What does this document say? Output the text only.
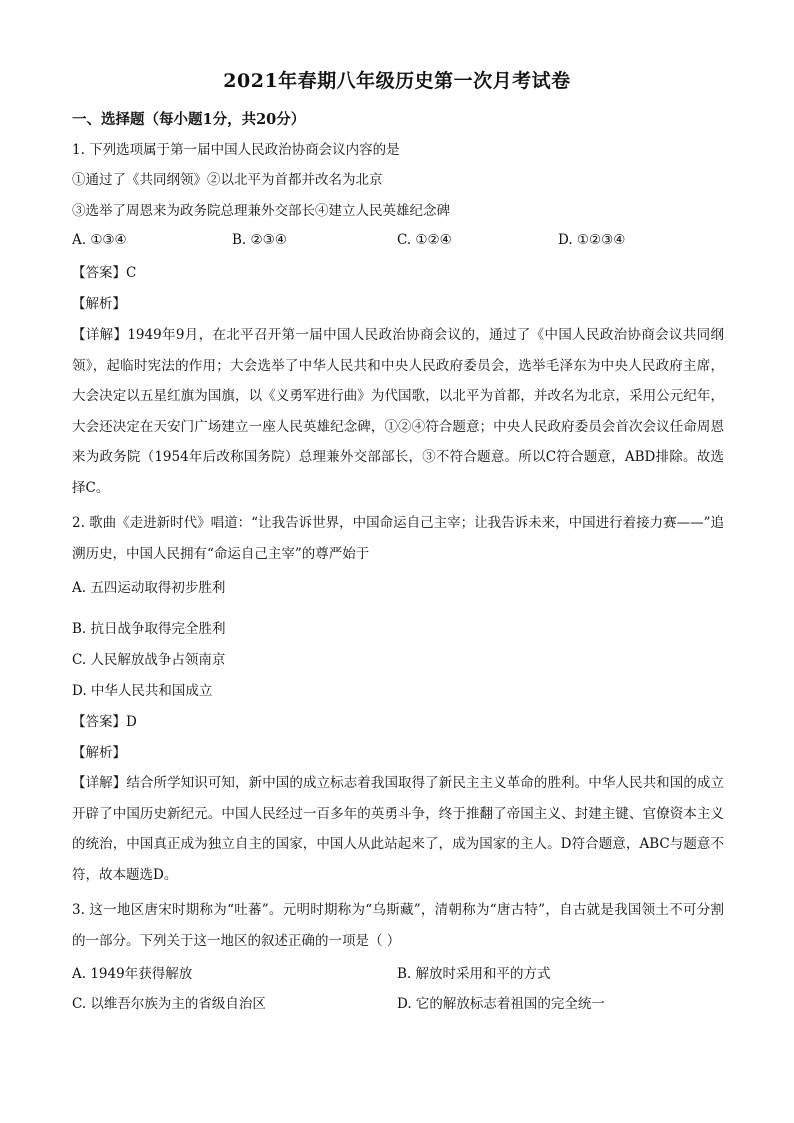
2021年春期八年级历史第一次月考试卷
一、选择题（每小题1分，共20分）
1. 下列选项属于第一届中国人民政治协商会议内容的是
①通过了《共同纲领》②以北平为首都并改名为北京
③选举了周恩来为政务院总理兼外交部长④建立人民英雄纪念碑
A. ①③④	B. ②③④	C. ①②④	D. ①②③④
【答案】C
【解析】
【详解】1949年9月，在北平召开第一届中国人民政治协商会议的，通过了《中国人民政治协商会议共同纲领》，起临时宪法的作用；大会选举了中华人民共和中央人民政府委员会，选举毛泽东为中央人民政府主席，大会决定以五星红旗为国旗，以《义勇军进行曲》为代国歌，以北平为首都，并改名为北京，采用公元纪年，大会还决定在天安门广场建立一座人民英雄纪念碑，①②④符合题意；中央人民政府委员会首次会议任命周恩来为政务院（1954年后改称国务院）总理兼外交部部长，③不符合题意。所以C符合题意，ABD排除。故选择C。
2. 歌曲《走进新时代》唱道：“让我告诉世界，中国命运自己主宰；让我告诉未来，中国进行着接力赛——”追溯历史，中国人民拥有“命运自己主宰”的尊严始于
A. 五四运动取得初步胜利
B. 抗日战争取得完全胜利
C. 人民解放战争占领南京
D. 中华人民共和国成立
【答案】D
【解析】
【详解】结合所学知识可知，新中国的成立标志着我国取得了新民主主义革命的胜利。中华人民共和国的成立开辟了中国历史新纪元。中国人民经过一百多年的英勇斗争，终于推翻了帝国主义、封建主键、官僚资本主义的统治，中国真正成为独立自主的国家，中国人从此站起来了，成为国家的主人。D符合题意，ABC与题意不符，故本题选D。
3. 这一地区唐宋时期称为“吐蕃”。元明时期称为“乌斯藏”，清朝称为“唐古特”，自古就是我国领土不可分割的一部分。下列关于这一地区的叙述正确的一项是（ ）
A. 1949年获得解放	B. 解放时采用和平的方式
C. 以维吾尔族为主的省级自治区	D. 它的解放标志着祖国的完全统一
